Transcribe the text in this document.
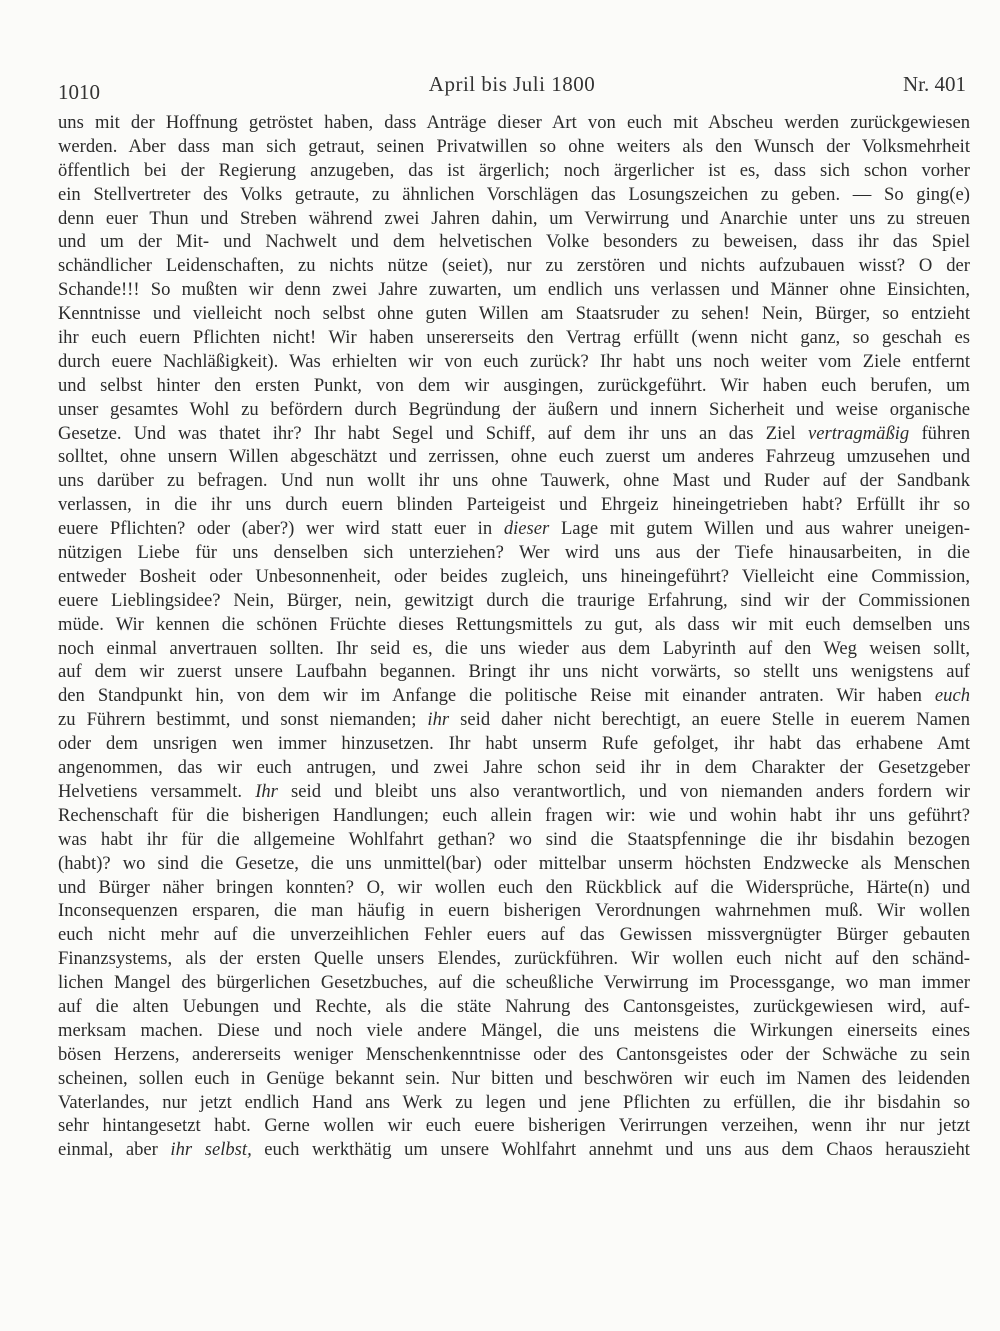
1010	April bis Juli 1800	Nr. 401
uns mit der Hoffnung getröstet haben, dass Anträge dieser Art von euch mit Abscheu werden zurückgewiesen
werden. Aber dass man sich getraut, seinen Privatwillen so ohne weiters als den Wunsch der Volksmehrheit
öffentlich bei der Regierung anzugeben, das ist ärgerlich; noch ärgerlicher ist es, dass sich schon vorher
ein Stellvertreter des Volks getraute, zu ähnlichen Vorschlägen das Losungszeichen zu geben. — So ging(e)
denn euer Thun und Streben während zwei Jahren dahin, um Verwirrung und Anarchie unter uns zu streuen
und um der Mit- und Nachwelt und dem helvetischen Volke besonders zu beweisen, dass ihr das Spiel
schändlicher Leidenschaften, zu nichts nütze (seiet), nur zu zerstören und nichts aufzubauen wisst? O der
Schande!!! So mußten wir denn zwei Jahre zuwarten, um endlich uns verlassen und Männer ohne Einsichten,
Kenntnisse und vielleicht noch selbst ohne guten Willen am Staatsruder zu sehen! Nein, Bürger, so entzieht
ihr euch euern Pflichten nicht! Wir haben unsererseits den Vertrag erfüllt (wenn nicht ganz, so geschah es
durch euere Nachläßigkeit). Was erhielten wir von euch zurück? Ihr habt uns noch weiter vom Ziele entfernt
und selbst hinter den ersten Punkt, von dem wir ausgingen, zurückgeführt. Wir haben euch berufen, um
unser gesamtes Wohl zu befördern durch Begründung der äußern und innern Sicherheit und weise organische
Gesetze. Und was thatet ihr? Ihr habt Segel und Schiff, auf dem ihr uns an das Ziel vertragmäßig führen
solltet, ohne unsern Willen abgeschätzt und zerrissen, ohne euch zuerst um anderes Fahrzeug umzusehen und
uns darüber zu befragen. Und nun wollt ihr uns ohne Tauwerk, ohne Mast und Ruder auf der Sandbank
verlassen, in die ihr uns durch euern blinden Parteigeist und Ehrgeiz hineingetrieben habt? Erfüllt ihr so
euere Pflichten? oder (aber?) wer wird statt euer in dieser Lage mit gutem Willen und aus wahrer uneigen-
nützigen Liebe für uns denselben sich unterziehen? Wer wird uns aus der Tiefe hinausarbeiten, in die
entweder Bosheit oder Unbesonnenheit, oder beides zugleich, uns hineingeführt? Vielleicht eine Commission,
euere Lieblingsidee? Nein, Bürger, nein, gewitzigt durch die traurige Erfahrung, sind wir der Commissionen
müde. Wir kennen die schönen Früchte dieses Rettungsmittels zu gut, als dass wir mit euch demselben uns
noch einmal anvertrauen sollten. Ihr seid es, die uns wieder aus dem Labyrinth auf den Weg weisen sollt,
auf dem wir zuerst unsere Laufbahn begannen. Bringt ihr uns nicht vorwärts, so stellt uns wenigstens auf
den Standpunkt hin, von dem wir im Anfange die politische Reise mit einander antraten. Wir haben euch
zu Führern bestimmt, und sonst niemanden; ihr seid daher nicht berechtigt, an euere Stelle in euerem Namen
oder dem unsrigen wen immer hinzusetzen. Ihr habt unserm Rufe gefolget, ihr habt das erhabene Amt
angenommen, das wir euch antrugen, und zwei Jahre schon seid ihr in dem Charakter der Gesetzgeber
Helvetiens versammelt. Ihr seid und bleibt uns also verantwortlich, und von niemanden anders fordern wir
Rechenschaft für die bisherigen Handlungen; euch allein fragen wir: wie und wohin habt ihr uns geführt?
was habt ihr für die allgemeine Wohlfahrt gethan? wo sind die Staatspfenninge die ihr bisdahin bezogen
(habt)? wo sind die Gesetze, die uns unmittel(bar) oder mittelbar unserm höchsten Endzwecke als Menschen
und Bürger näher bringen konnten? O, wir wollen euch den Rückblick auf die Widersprüche, Härte(n) und
Inconsequenzen ersparen, die man häufig in euern bisherigen Verordnungen wahrnehmen muß. Wir wollen
euch nicht mehr auf die unverzeihlichen Fehler euers auf das Gewissen missvergnügter Bürger gebauten
Finanzsystems, als der ersten Quelle unsers Elendes, zurückführen. Wir wollen euch nicht auf den schänd-
lichen Mangel des bürgerlichen Gesetzbuches, auf die scheußliche Verwirrung im Processgange, wo man immer
auf die alten Uebungen und Rechte, als die stäte Nahrung des Cantonsgeistes, zurückgewiesen wird, auf-
merksam machen. Diese und noch viele andere Mängel, die uns meistens die Wirkungen einerseits eines
bösen Herzens, andererseits weniger Menschenkenntnisse oder des Cantonsgeistes oder der Schwäche zu sein
scheinen, sollen euch in Genüge bekannt sein. Nur bitten und beschwören wir euch im Namen des leidenden
Vaterlandes, nur jetzt endlich Hand ans Werk zu legen und jene Pflichten zu erfüllen, die ihr bisdahin so
sehr hintangesetzt habt. Gerne wollen wir euch euere bisherigen Verirrungen verzeihen, wenn ihr nur jetzt
einmal, aber ihr selbst, euch werkthätig um unsere Wohlfahrt annehmt und uns aus dem Chaos herauszieht
